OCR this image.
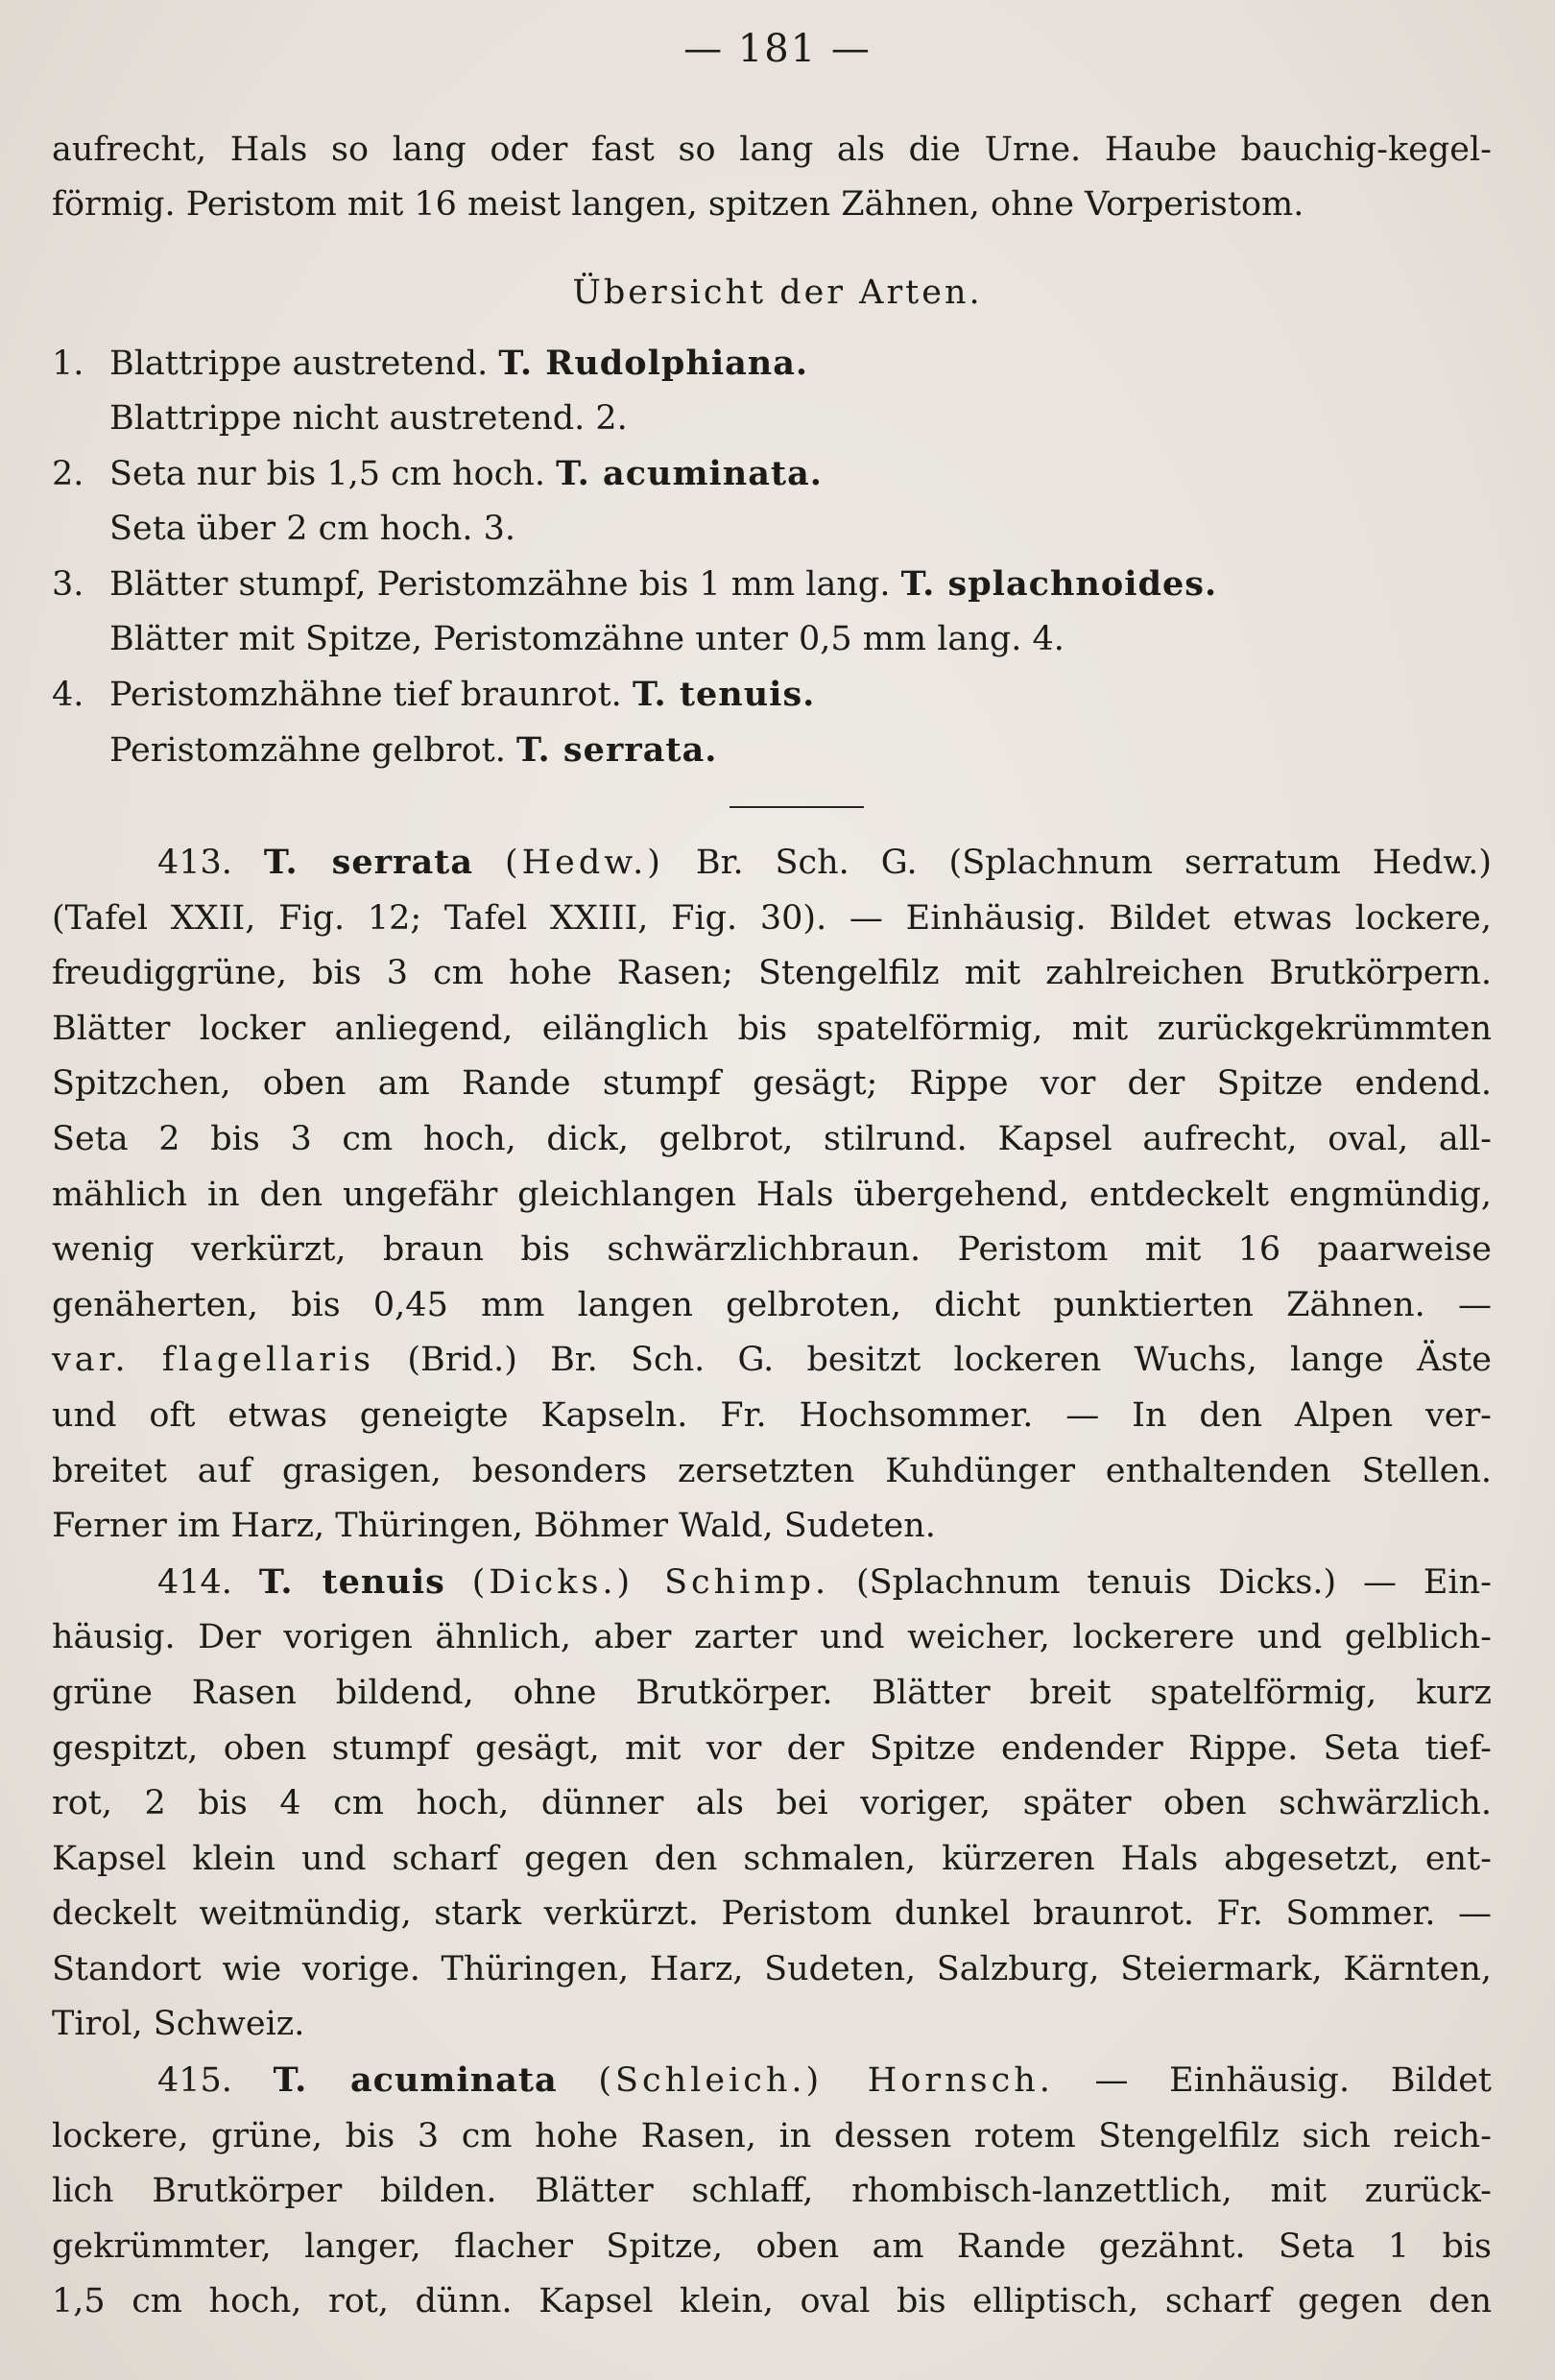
— 181 —
aufrecht, Hals so lang oder fast so lang als die Urne. Haube bauchig-kegel-
förmig. Peristom mit 16 meist langen, spitzen Zähnen, ohne Vorperistom.
Übersicht der Arten.
1. Blattrippe austretend. T. Rudolphiana.
Blattrippe nicht austretend. 2.
2. Seta nur bis 1,5 cm hoch. T. acuminata.
Seta über 2 cm hoch. 3.
3. Blätter stumpf, Peristomzähne bis 1 mm lang. T. splachnoides.
Blätter mit Spitze, Peristomzähne unter 0,5 mm lang. 4.
4. Peristomzhähne tief braunrot. T. tenuis.
Peristomzähne gelbrot. T. serrata.
413. T. serrata (Hedw.) Br. Sch. G. (Splachnum serratum Hedw.)
(Tafel XXII, Fig. 12; Tafel XXIII, Fig. 30). — Einhäusig. Bildet etwas lockere,
freudiggrüne, bis 3 cm hohe Rasen; Stengelfilz mit zahlreichen Brutkörpern.
Blätter locker anliegend, eilänglich bis spatelförmig, mit zurückgekrümmten
Spitzchen, oben am Rande stumpf gesägt; Rippe vor der Spitze endend.
Seta 2 bis 3 cm hoch, dick, gelbrot, stilrund. Kapsel aufrecht, oval, all-
mählich in den ungefähr gleichlangen Hals übergehend, entdeckelt engmündig,
wenig verkürzt, braun bis schwärzlichbraun. Peristom mit 16 paarweise
genäherten, bis 0,45 mm langen gelbroten, dicht punktierten Zähnen. —
var. flagellaris (Brid.) Br. Sch. G. besitzt lockeren Wuchs, lange Äste
und oft etwas geneigte Kapseln. Fr. Hochsommer. — In den Alpen ver-
breitet auf grasigen, besonders zersetzten Kuhdünger enthaltenden Stellen.
Ferner im Harz, Thüringen, Böhmer Wald, Sudeten.
414. T. tenuis (Dicks.) Schimp. (Splachnum tenuis Dicks.) — Ein-
häusig. Der vorigen ähnlich, aber zarter und weicher, lockerere und gelblich-
grüne Rasen bildend, ohne Brutkörper. Blätter breit spatelförmig, kurz
gespitzt, oben stumpf gesägt, mit vor der Spitze endender Rippe. Seta tief-
rot, 2 bis 4 cm hoch, dünner als bei voriger, später oben schwärzlich.
Kapsel klein und scharf gegen den schmalen, kürzeren Hals abgesetzt, ent-
deckelt weitmündig, stark verkürzt. Peristom dunkel braunrot. Fr. Sommer. —
Standort wie vorige. Thüringen, Harz, Sudeten, Salzburg, Steiermark, Kärnten,
Tirol, Schweiz.
415. T. acuminata (Schleich.) Hornsch. — Einhäusig. Bildet
lockere, grüne, bis 3 cm hohe Rasen, in dessen rotem Stengelfilz sich reich-
lich Brutkörper bilden. Blätter schlaff, rhombisch-lanzettlich, mit zurück-
gekrümmter, langer, flacher Spitze, oben am Rande gezähnt. Seta 1 bis
1,5 cm hoch, rot, dünn. Kapsel klein, oval bis elliptisch, scharf gegen den
